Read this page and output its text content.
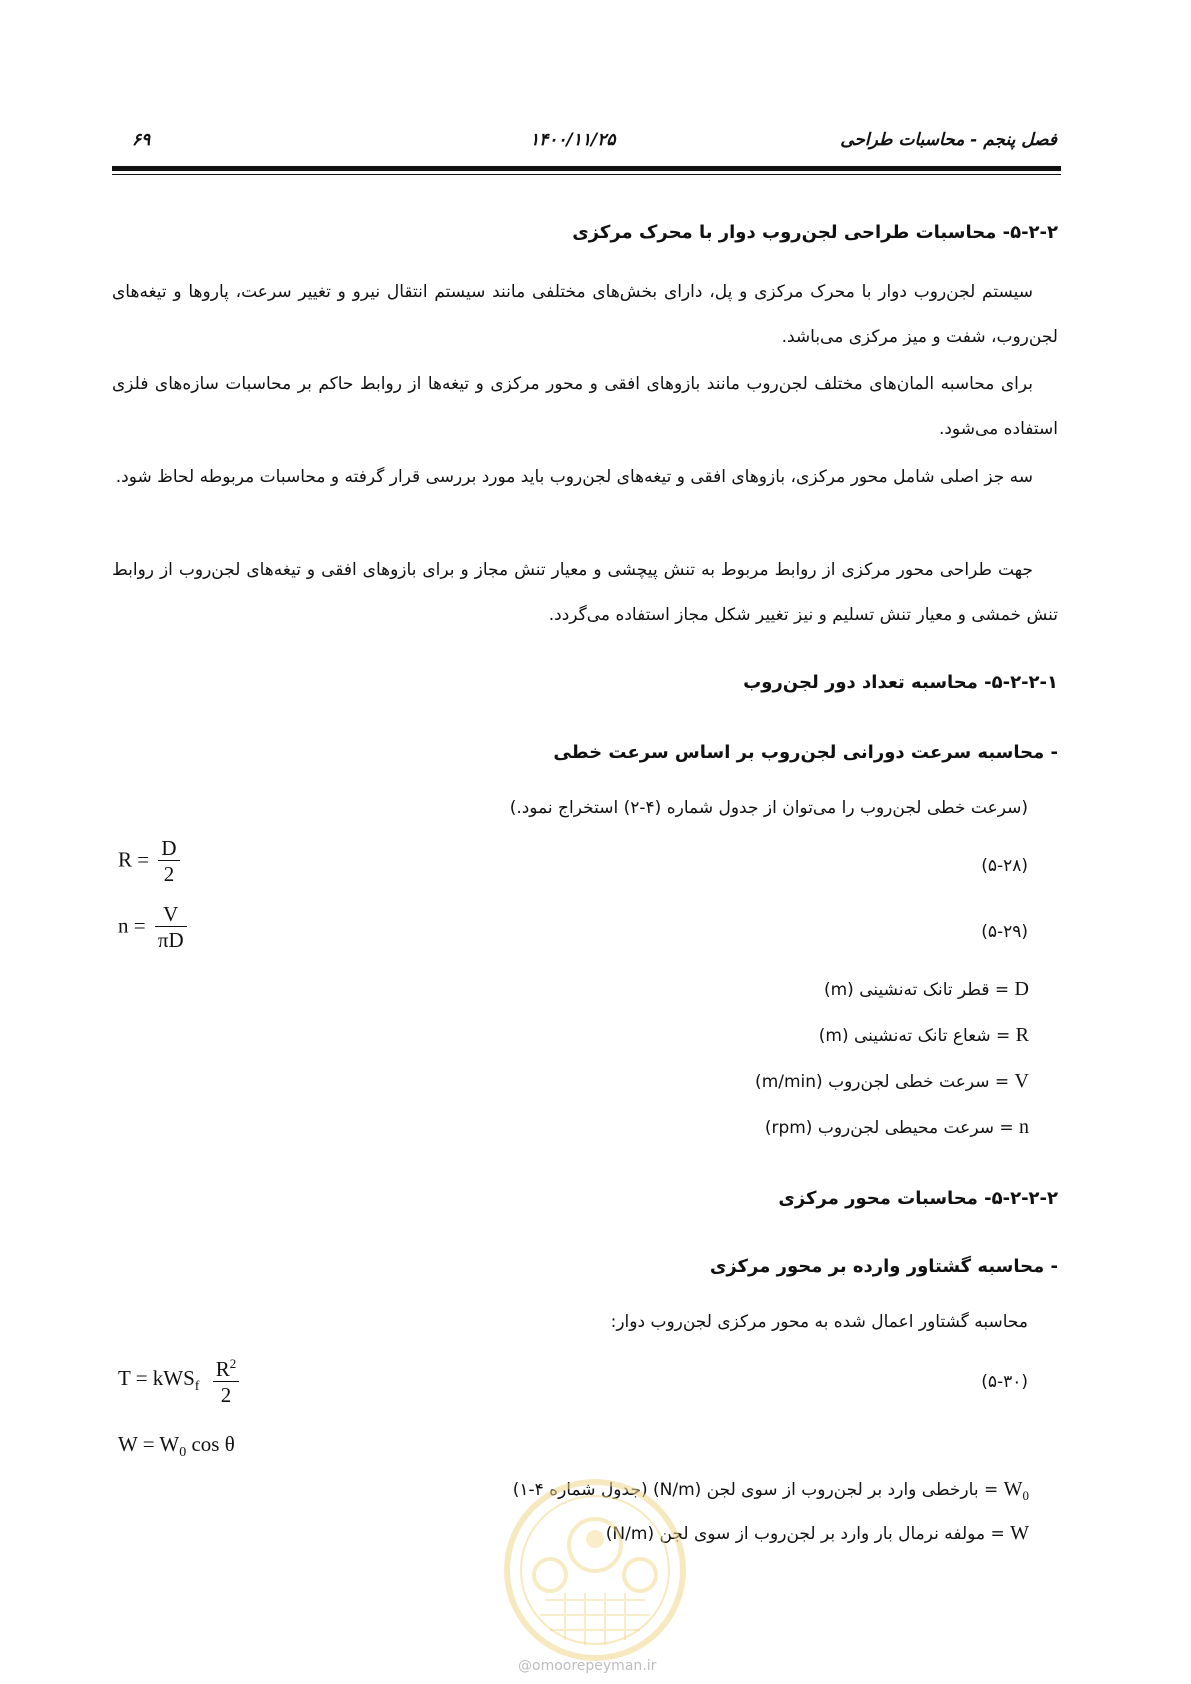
فصل پنجم - محاسبات طراحی
۱۴۰۰/۱۱/۲۵
۶۹
۵-۲-۲- محاسبات طراحی لجن‌روب دوار با محرک مرکزی
سیستم لجن‌روب دوار با محرک مرکزی و پل، دارای بخش‌های مختلفی مانند سیستم انتقال نیرو و تغییر سرعت، پاروها و تیغه‌های لجن‌روب، شفت و میز مرکزی می‌باشد.
برای محاسبه المان‌های مختلف لجن‌روب مانند بازوهای افقی و محور مرکزی و تیغه‌ها از روابط حاکم بر محاسبات سازه‌های فلزی استفاده می‌شود.
سه جز اصلی شامل محور مرکزی، بازوهای افقی و تیغه‌های لجن‌روب باید مورد بررسی قرار گرفته و محاسبات مربوطه لحاظ شود.
جهت طراحی محور مرکزی از روابط مربوط به تنش پیچشی و معیار تنش مجاز و برای بازوهای افقی و تیغه‌های لجن‌روب از روابط تنش خمشی و معیار تنش تسلیم و نیز تغییر شکل مجاز استفاده می‌گردد.
۵-۲-۲-۱- محاسبه تعداد دور لجن‌روب
- محاسبه سرعت دورانی لجن‌روب بر اساس سرعت خطی
(سرعت خطی لجن‌روب را می‌توان از جدول شماره (۴-۲) استخراج نمود.)
$R = \frac{D}{2}$	(۵-۲۸)
$n = \frac{V}{\pi D}$	(۵-۲۹)
D = قطر تانک ته‌نشینی (m)
R = شعاع تانک ته‌نشینی (m)
V = سرعت خطی لجن‌روب (m/min)
n = سرعت محیطی لجن‌روب (rpm)
۵-۲-۲-۲- محاسبات محور مرکزی
- محاسبه گشتاور وارده بر محور مرکزی
محاسبه گشتاور اعمال شده به محور مرکزی لجن‌روب دوار:
$T = kWS_f \frac{R^2}{2}$	(۵-۳۰)
$W = W_0$ cos θ
$W_0$ = بارخطی وارد بر لجن‌روب از سوی لجن (N/m) (جدول شماره ۴-۱)
W = مولفه نرمال بار وارد بر لجن‌روب از سوی لجن (N/m)
@omoorepeyman.ir
